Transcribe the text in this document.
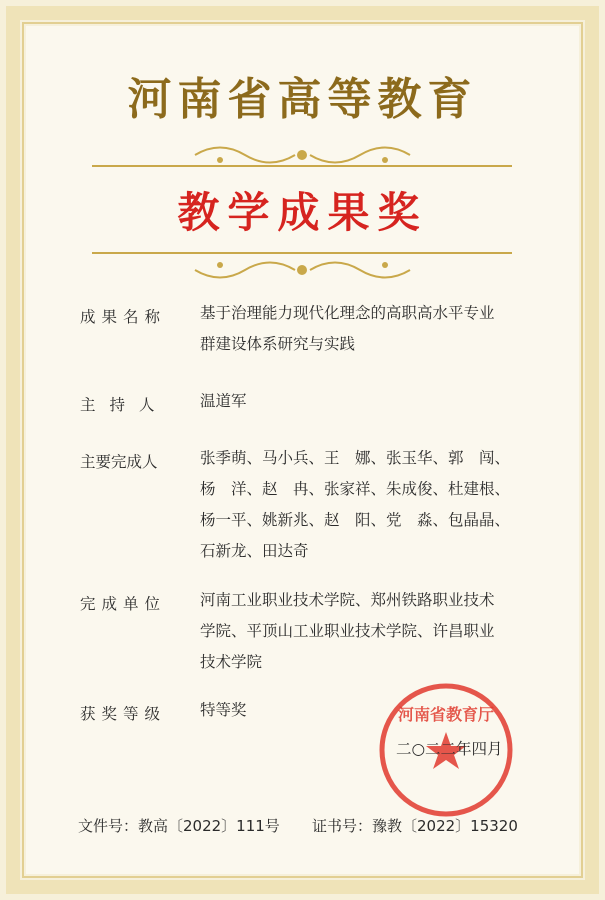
河南省高等教育
教学成果奖
成果名称	基于治理能力现代化理念的高职高水平专业
群建设体系研究与实践
主持人	温道军
主要完成人	张季萌、马小兵、王　娜、张玉华、郭　闯、
杨　洋、赵　冉、张家祥、朱成俊、杜建根、
杨一平、姚新兆、赵　阳、党　淼、包晶晶、
石新龙、田达奇
完成单位	河南工业职业技术学院、郑州铁路职业技术
学院、平顶山工业职业技术学院、许昌职业
技术学院
获奖等级	特等奖	河南省教育厅
二○二二年四月
文件号：教高〔2022〕111号 证书号：豫教〔2022〕15320
